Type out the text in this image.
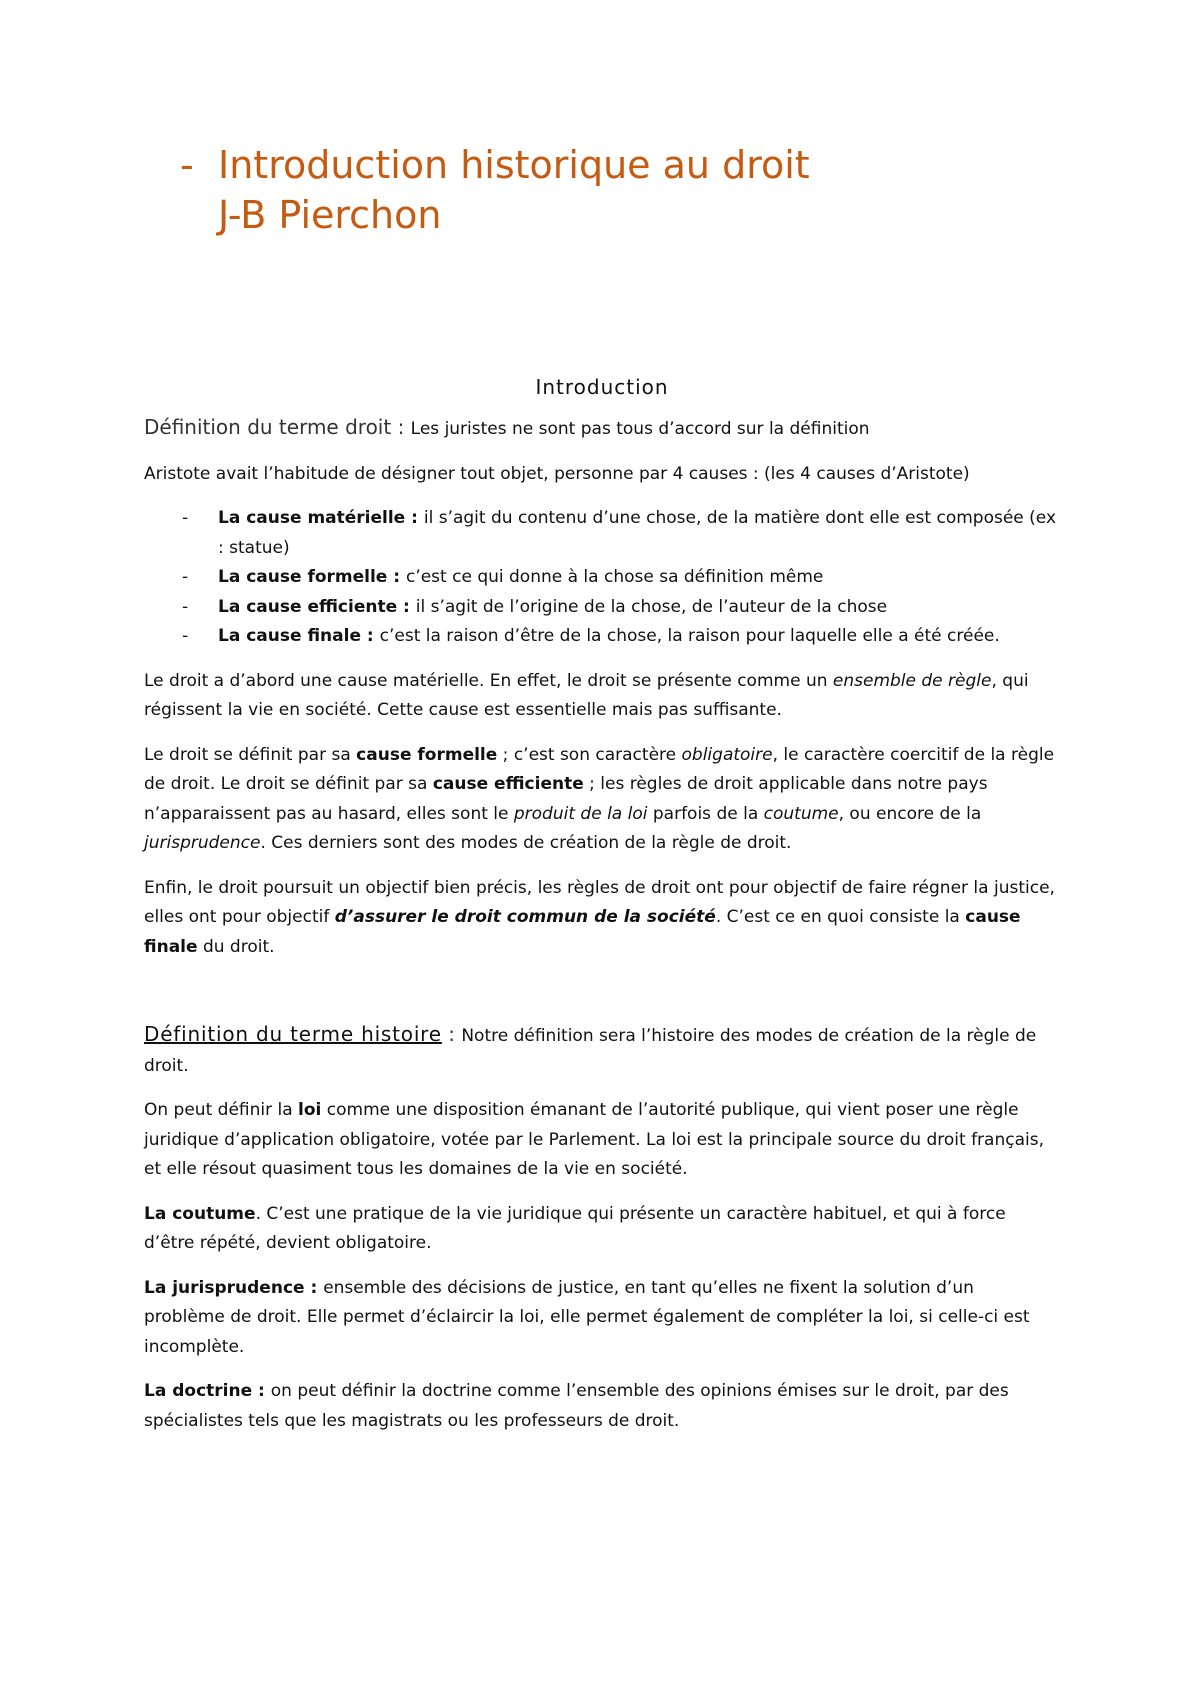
- Introduction historique au droit
J-B Pierchon
Introduction

Définition du terme droit : Les juristes ne sont pas tous d’accord sur la définition

Aristote avait l’habitude de désigner tout objet, personne par 4 causes : (les 4 causes d’Aristote)

- La cause matérielle : il s’agit du contenu d’une chose, de la matière dont elle est composée (ex : statue)
- La cause formelle : c’est ce qui donne à la chose sa définition même
- La cause efficiente : il s’agit de l’origine de la chose, de l’auteur de la chose
- La cause finale : c’est la raison d’être de la chose, la raison pour laquelle elle a été créée.

Le droit a d’abord une cause matérielle. En effet, le droit se présente comme un ensemble de règle, qui régissent la vie en société. Cette cause est essentielle mais pas suffisante.

Le droit se définit par sa cause formelle ; c’est son caractère obligatoire, le caractère coercitif de la règle de droit. Le droit se définit par sa cause efficiente ; les règles de droit applicable dans notre pays n’apparaissent pas au hasard, elles sont le produit de la loi parfois de la coutume, ou encore de la jurisprudence. Ces derniers sont des modes de création de la règle de droit.

Enfin, le droit poursuit un objectif bien précis, les règles de droit ont pour objectif de faire régner la justice, elles ont pour objectif d’assurer le droit commun de la société. C’est ce en quoi consiste la cause finale du droit.

Définition du terme histoire : Notre définition sera l’histoire des modes de création de la règle de droit.

On peut définir la loi comme une disposition émanant de l’autorité publique, qui vient poser une règle juridique d’application obligatoire, votée par le Parlement. La loi est la principale source du droit français, et elle résout quasiment tous les domaines de la vie en société.

La coutume. C’est une pratique de la vie juridique qui présente un caractère habituel, et qui à force d’être répété, devient obligatoire.

La jurisprudence : ensemble des décisions de justice, en tant qu’elles ne fixent la solution d’un problème de droit. Elle permet d’éclaircir la loi, elle permet également de compléter la loi, si celle-ci est incomplète.

La doctrine : on peut définir la doctrine comme l’ensemble des opinions émises sur le droit, par des spécialistes tels que les magistrats ou les professeurs de droit.
